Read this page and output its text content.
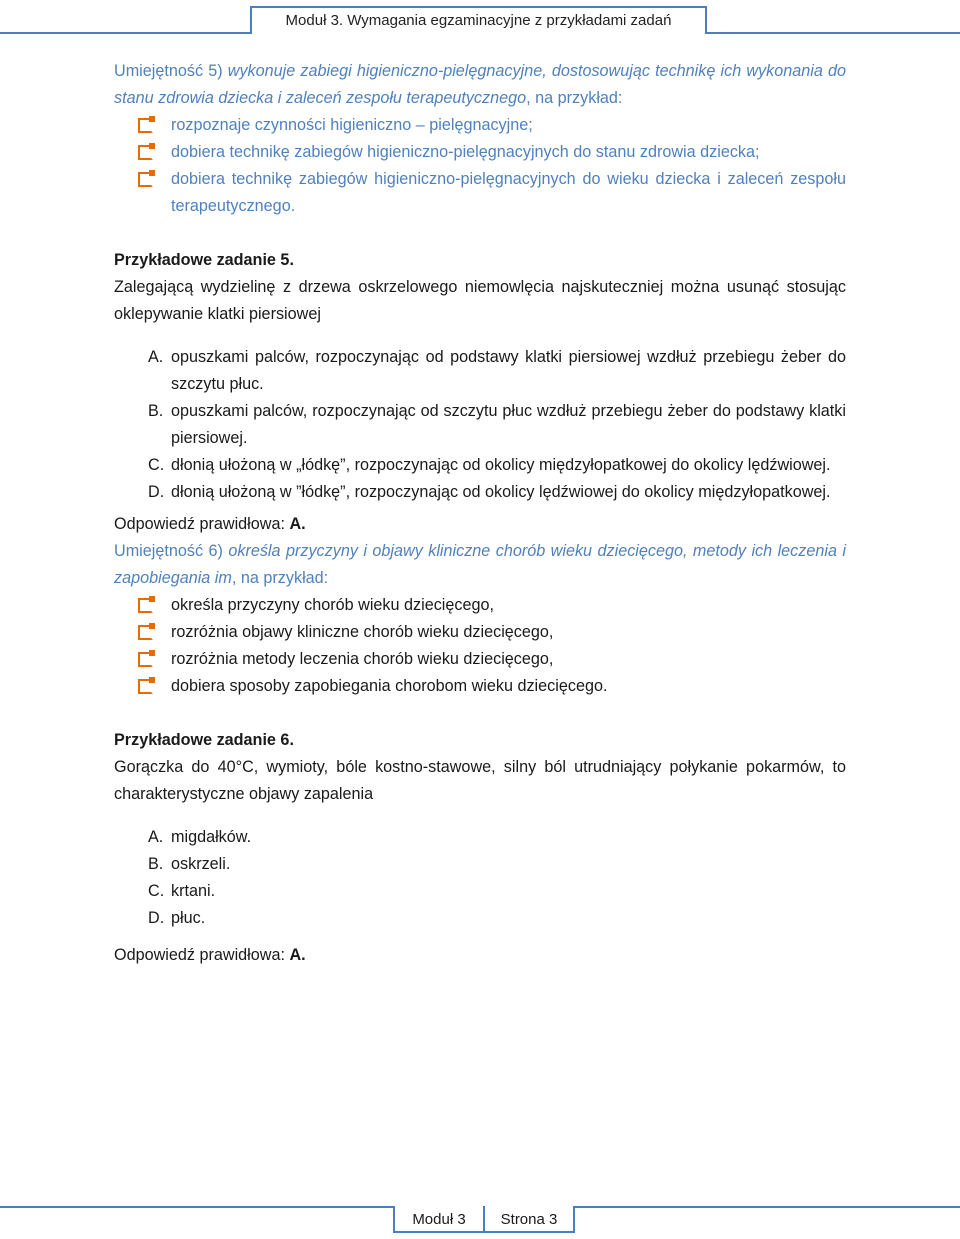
Moduł 3. Wymagania egzaminacyjne z przykładami zadań

Umiejętność 5) wykonuje zabiegi higieniczno-pielęgnacyjne, dostosowując technikę ich wykonania do stanu zdrowia dziecka i zaleceń zespołu terapeutycznego, na przykład:

rozpoznaje czynności higieniczno – pielęgnacyjne;
dobiera technikę zabiegów higieniczno-pielęgnacyjnych do stanu zdrowia dziecka;
dobiera technikę zabiegów higieniczno-pielęgnacyjnych do wieku dziecka i zaleceń zespołu terapeutycznego.

Przykładowe zadanie 5.

Zalegającą wydzielinę z drzewa oskrzelowego niemowlęcia najskuteczniej można usunąć stosując oklepywanie klatki piersiowej

A. opuszkami palców, rozpoczynając od podstawy klatki piersiowej wzdłuż przebiegu żeber do szczytu płuc.
B. opuszkami palców, rozpoczynając od szczytu płuc wzdłuż przebiegu żeber do podstawy klatki piersiowej.
C. dłonią ułożoną w „łódkę”, rozpoczynając od okolicy międzyłopatkowej do okolicy lędźwiowej.
D. dłonią ułożoną w ”łódkę”, rozpoczynając od okolicy lędźwiowej do okolicy międzyłopatkowej.

Odpowiedź prawidłowa: A.

Umiejętność 6) określa przyczyny i objawy kliniczne chorób wieku dziecięcego, metody ich leczenia i zapobiegania im, na przykład:

określa przyczyny chorób wieku dziecięcego,
rozróżnia objawy kliniczne chorób wieku dziecięcego,
rozróżnia metody leczenia chorób wieku dziecięcego,
dobiera sposoby zapobiegania chorobom wieku dziecięcego.

Przykładowe zadanie 6.

Gorączka do 40°C, wymioty, bóle kostno-stawowe, silny ból utrudniający połykanie pokarmów, to charakterystyczne objawy zapalenia

A. migdałków.
B. oskrzeli.
C. krtani.
D. płuc.

Odpowiedź prawidłowa: A.

Moduł 3	Strona 3
